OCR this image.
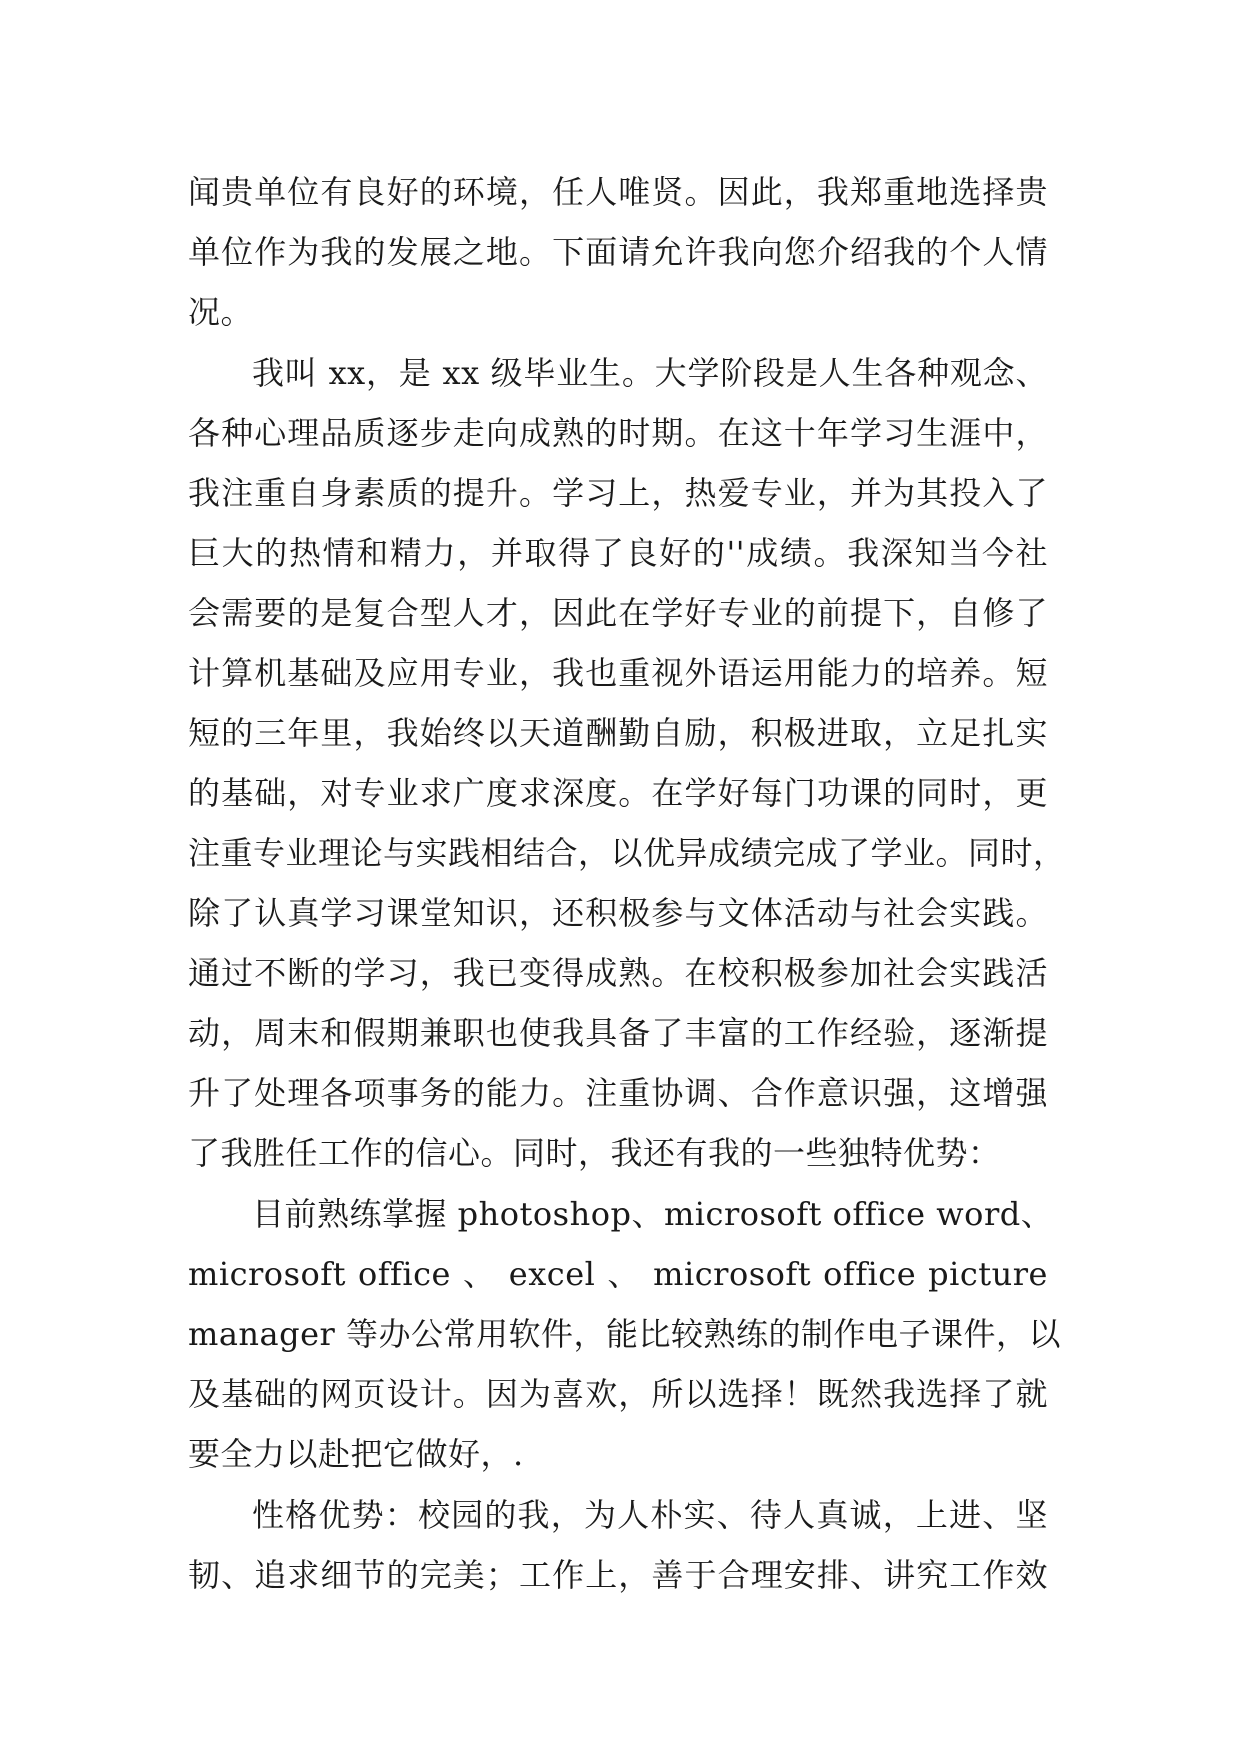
闻贵单位有良好的环境，任人唯贤。因此，我郑重地选择贵
单位作为我的发展之地。下面请允许我向您介绍我的个人情
况。
我叫 xx，是 xx 级毕业生。大学阶段是人生各种观念、
各种心理品质逐步走向成熟的时期。在这十年学习生涯中，
我注重自身素质的提升。学习上，热爱专业，并为其投入了
巨大的热情和精力，并取得了良好的''成绩。我深知当今社
会需要的是复合型人才，因此在学好专业的前提下，自修了
计算机基础及应用专业，我也重视外语运用能力的培养。短
短的三年里，我始终以天道酬勤自励，积极进取，立足扎实
的基础，对专业求广度求深度。在学好每门功课的同时，更
注重专业理论与实践相结合，以优异成绩完成了学业。同时，
除了认真学习课堂知识，还积极参与文体活动与社会实践。
通过不断的学习，我已变得成熟。在校积极参加社会实践活
动，周末和假期兼职也使我具备了丰富的工作经验，逐渐提
升了处理各项事务的能力。注重协调、合作意识强，这增强
了我胜任工作的信心。同时，我还有我的一些独特优势：
目前熟练掌握 photoshop、microsoft office word、
microsoft office 、 excel 、 microsoft office picture
manager 等办公常用软件，能比较熟练的制作电子课件，以
及基础的网页设计。因为喜欢，所以选择！既然我选择了就
要全力以赴把它做好，.
性格优势：校园的我，为人朴实、待人真诚，上进、坚
韧、追求细节的完美；工作上，善于合理安排、讲究工作效
